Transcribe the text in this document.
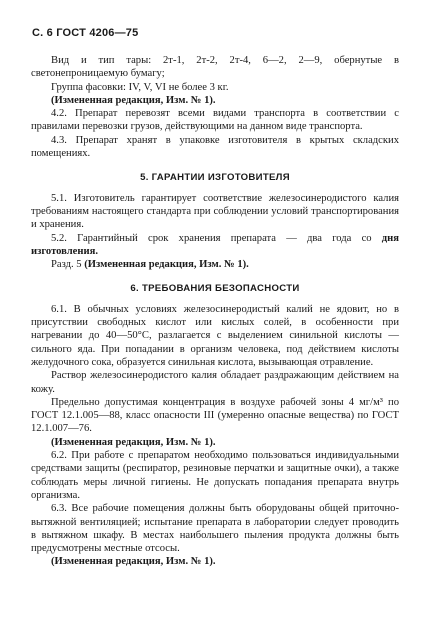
С. 6 ГОСТ 4206—75

Вид и тип тары: 2т-1, 2т-2, 2т-4, 6—2, 2—9, обернутые в светонепроницаемую бумагу;

Группа фасовки: IV, V, VI не более 3 кг.

(Измененная редакция, Изм. № 1).

4.2. Препарат перевозят всеми видами транспорта в соответствии с правилами перевозки грузов, действующими на данном виде транспорта.

4.3. Препарат хранят в упаковке изготовителя в крытых складских помещениях.

5. ГАРАНТИИ ИЗГОТОВИТЕЛЯ

5.1. Изготовитель гарантирует соответствие железосинеродистого калия требованиям настоящего стандарта при соблюдении условий транспортирования и хранения.

5.2. Гарантийный срок хранения препарата — два года со дня изготовления.

Разд. 5 (Измененная редакция, Изм. № 1).

6. ТРЕБОВАНИЯ БЕЗОПАСНОСТИ

6.1. В обычных условиях железосинеродистый калий не ядовит, но в присутствии свободных кислот или кислых солей, в особенности при нагревании до 40—50°С, разлагается с выделением синильной кислоты — сильного яда. При попадании в организм человека, под действием кислоты желудочного сока, образуется синильная кислота, вызывающая отравление.

Раствор железосинеродистого калия обладает раздражающим действием на кожу.

Предельно допустимая концентрация в воздухе рабочей зоны 4 мг/м³ по ГОСТ 12.1.005—88, класс опасности III (умеренно опасные вещества) по ГОСТ 12.1.007—76.

(Измененная редакция, Изм. № 1).

6.2. При работе с препаратом необходимо пользоваться индивидуальными средствами защиты (респиратор, резиновые перчатки и защитные очки), а также соблюдать меры личной гигиены. Не допускать попадания препарата внутрь организма.

6.3. Все рабочие помещения должны быть оборудованы общей приточно-вытяжной вентиляцией; испытание препарата в лаборатории следует проводить в вытяжном шкафу. В местах наибольшего пыления продукта должны быть предусмотрены местные отсосы.

(Измененная редакция, Изм. № 1).
